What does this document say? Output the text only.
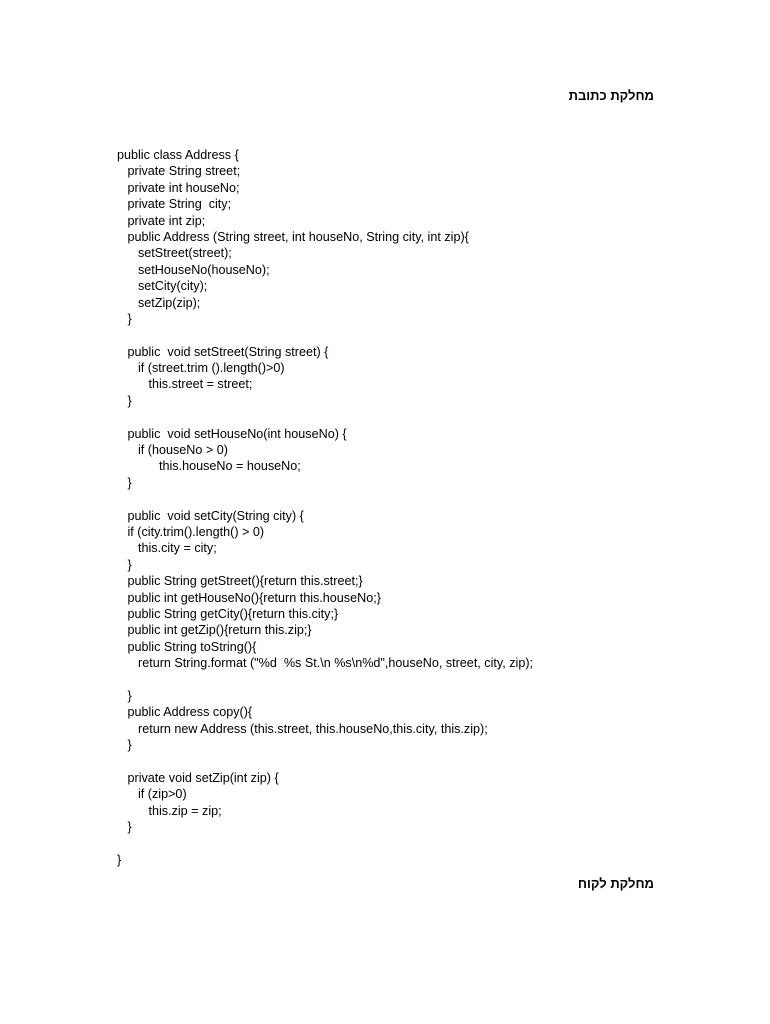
מחלקת כתובת
public class Address {
private String street;
private int houseNo;
private String  city;
private int zip;
public Address (String street, int houseNo, String city, int zip){
setStreet(street);
setHouseNo(houseNo);
setCity(city);
setZip(zip);
}
public  void setStreet(String street) {
if (street.trim ().length()>0)
this.street = street;
}
public  void setHouseNo(int houseNo) {
if (houseNo > 0)
this.houseNo = houseNo;
}
public  void setCity(String city) {
if (city.trim().length() > 0)
this.city = city;
}
public String getStreet(){return this.street;}
public int getHouseNo(){return this.houseNo;}
public String getCity(){return this.city;}
public int getZip(){return this.zip;}
public String toString(){
return String.format ("%d  %s St.\n %s\n%d",houseNo, street, city, zip);
}
public Address copy(){
return new Address (this.street, this.houseNo,this.city, this.zip);
}
private void setZip(int zip) {
if (zip>0)
this.zip = zip;
}
}
מחלקת לקוח
